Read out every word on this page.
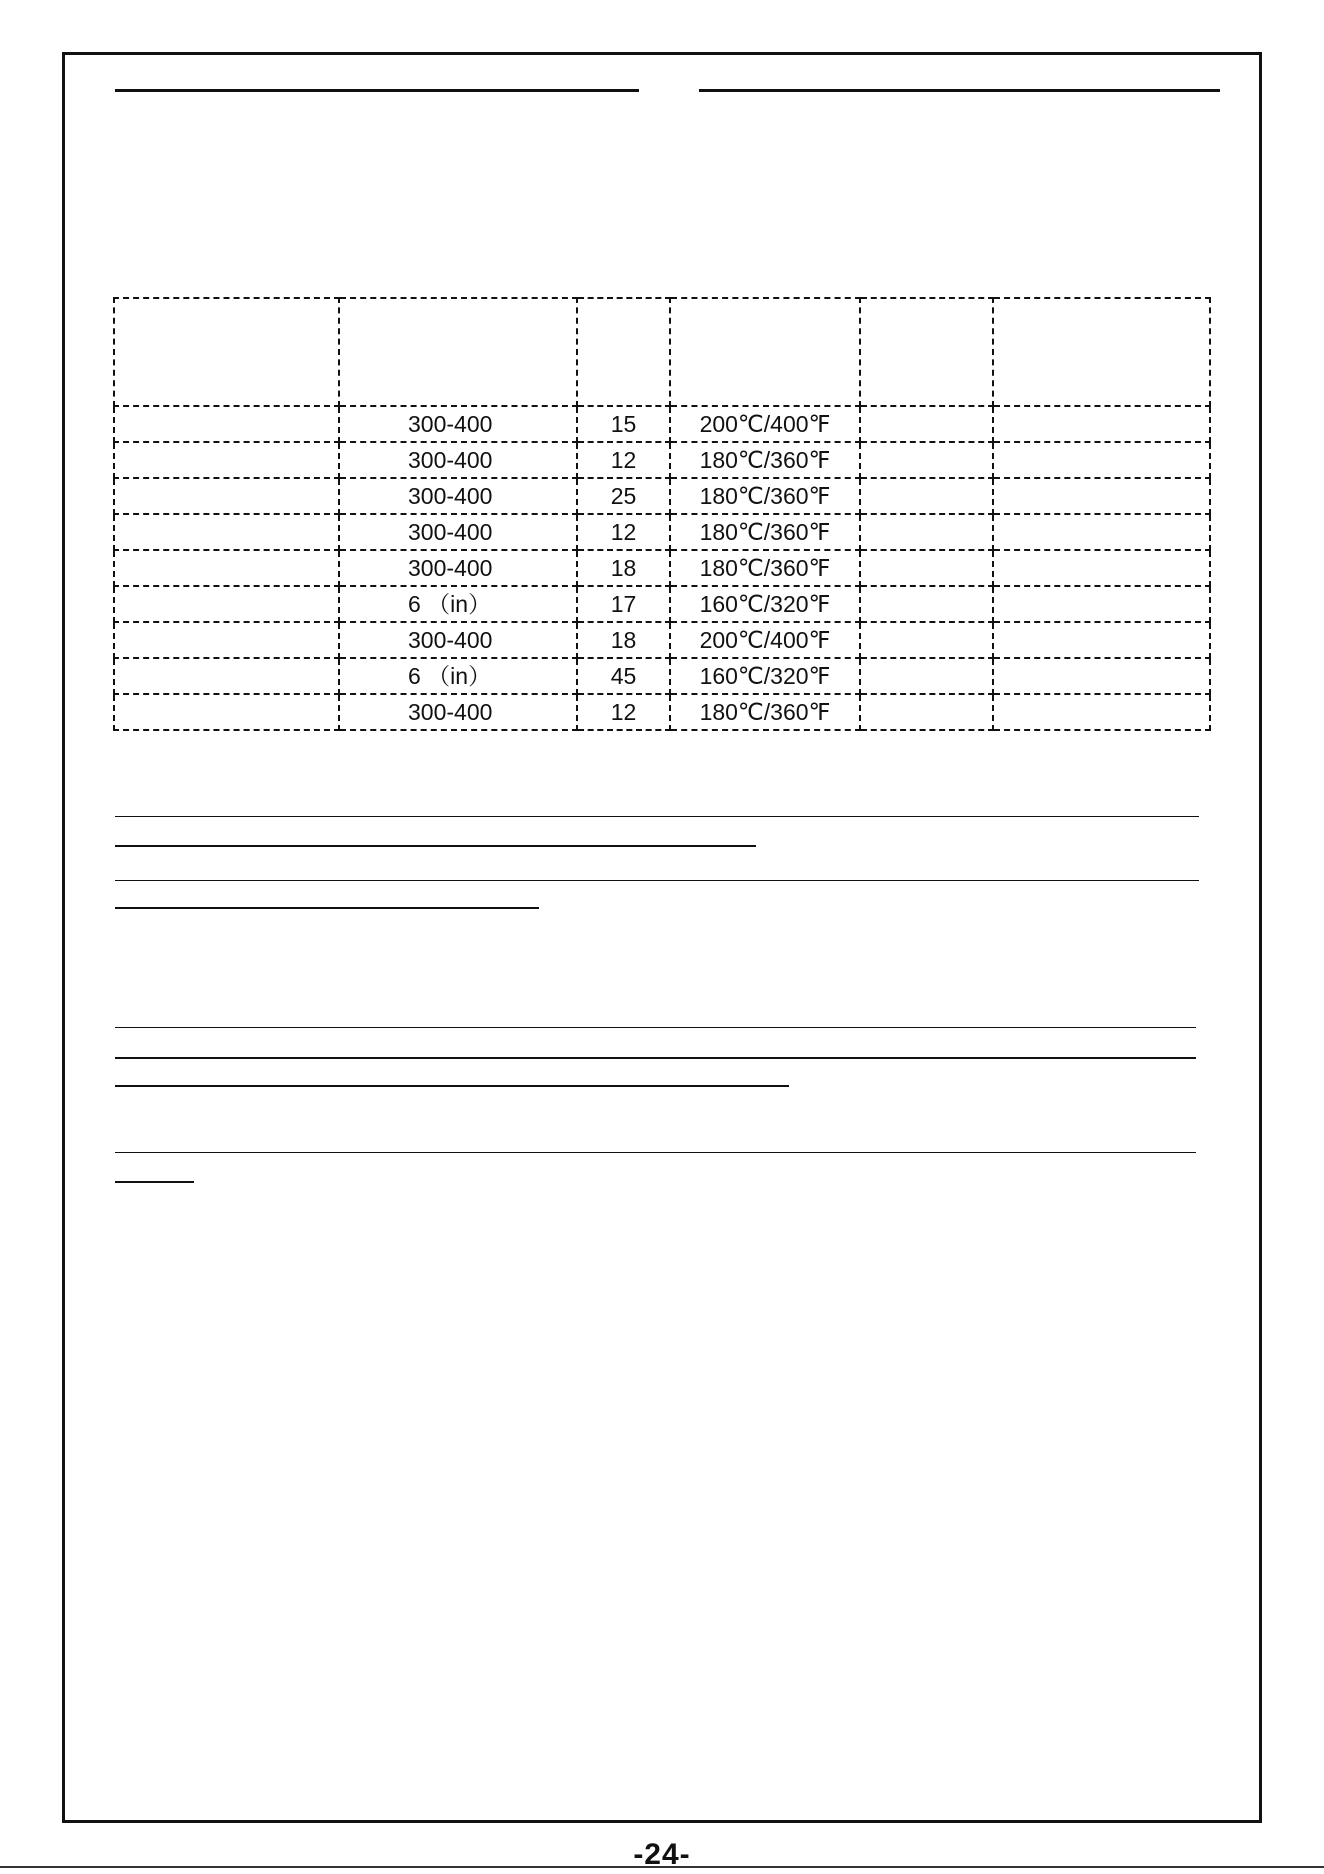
	300-400	15	200℃/400℉		
	300-400	12	180℃/360℉		
	300-400	25	180℃/360℉		
	300-400	12	180℃/360℉		
	300-400	18	180℃/360℉		
	6 （in）	17	160℃/320℉		
	300-400	18	200℃/400℉		
	6 （in）	45	160℃/320℉		
	300-400	12	180℃/360℉		
-24-
